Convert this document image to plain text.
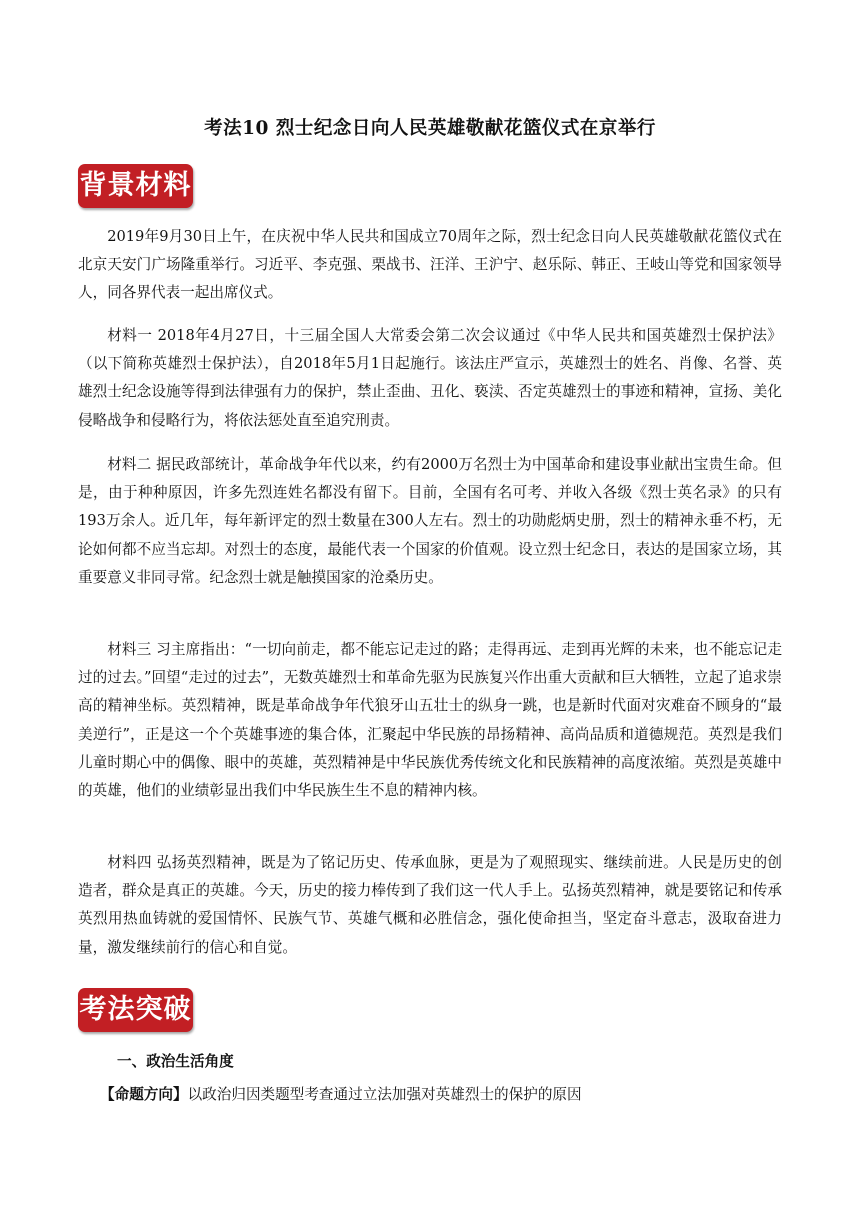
考法10 烈士纪念日向人民英雄敬献花篮仪式在京举行
背景材料

2019年9月30日上午，在庆祝中华人民共和国成立70周年之际，烈士纪念日向人民英雄敬献花篮仪式在北京天安门广场隆重举行。习近平、李克强、栗战书、汪洋、王沪宁、赵乐际、韩正、王岐山等党和国家领导人，同各界代表一起出席仪式。

材料一 2018年4月27日，十三届全国人大常委会第二次会议通过《中华人民共和国英雄烈士保护法》（以下简称英雄烈士保护法），自2018年5月1日起施行。该法庄严宣示，英雄烈士的姓名、肖像、名誉、英雄烈士纪念设施等得到法律强有力的保护，禁止歪曲、丑化、亵渎、否定英雄烈士的事迹和精神，宣扬、美化侵略战争和侵略行为，将依法惩处直至追究刑责。

材料二 据民政部统计，革命战争年代以来，约有2000万名烈士为中国革命和建设事业献出宝贵生命。但是，由于种种原因，许多先烈连姓名都没有留下。目前，全国有名可考、并收入各级《烈士英名录》的只有193万余人。近几年，每年新评定的烈士数量在300人左右。烈士的功勋彪炳史册，烈士的精神永垂不朽，无论如何都不应当忘却。对烈士的态度，最能代表一个国家的价值观。设立烈士纪念日，表达的是国家立场，其重要意义非同寻常。纪念烈士就是触摸国家的沧桑历史。

材料三 习主席指出：“一切向前走，都不能忘记走过的路；走得再远、走到再光辉的未来，也不能忘记走过的过去。”回望“走过的过去”，无数英雄烈士和革命先驱为民族复兴作出重大贡献和巨大牺牲，立起了追求崇高的精神坐标。英烈精神，既是革命战争年代狼牙山五壮士的纵身一跳，也是新时代面对灾难奋不顾身的“最美逆行”，正是这一个个英雄事迹的集合体，汇聚起中华民族的昂扬精神、高尚品质和道德规范。英烈是我们儿童时期心中的偶像、眼中的英雄，英烈精神是中华民族优秀传统文化和民族精神的高度浓缩。英烈是英雄中的英雄，他们的业绩彰显出我们中华民族生生不息的精神内核。

材料四 弘扬英烈精神，既是为了铭记历史、传承血脉，更是为了观照现实、继续前进。人民是历史的创造者，群众是真正的英雄。今天，历史的接力棒传到了我们这一代人手上。弘扬英烈精神，就是要铭记和传承英烈用热血铸就的爱国情怀、民族气节、英雄气概和必胜信念，强化使命担当，坚定奋斗意志，汲取奋进力量，激发继续前行的信心和自觉。

考法突破
一、政治生活角度
【命题方向】以政治归因类题型考查通过立法加强对英雄烈士的保护的原因
